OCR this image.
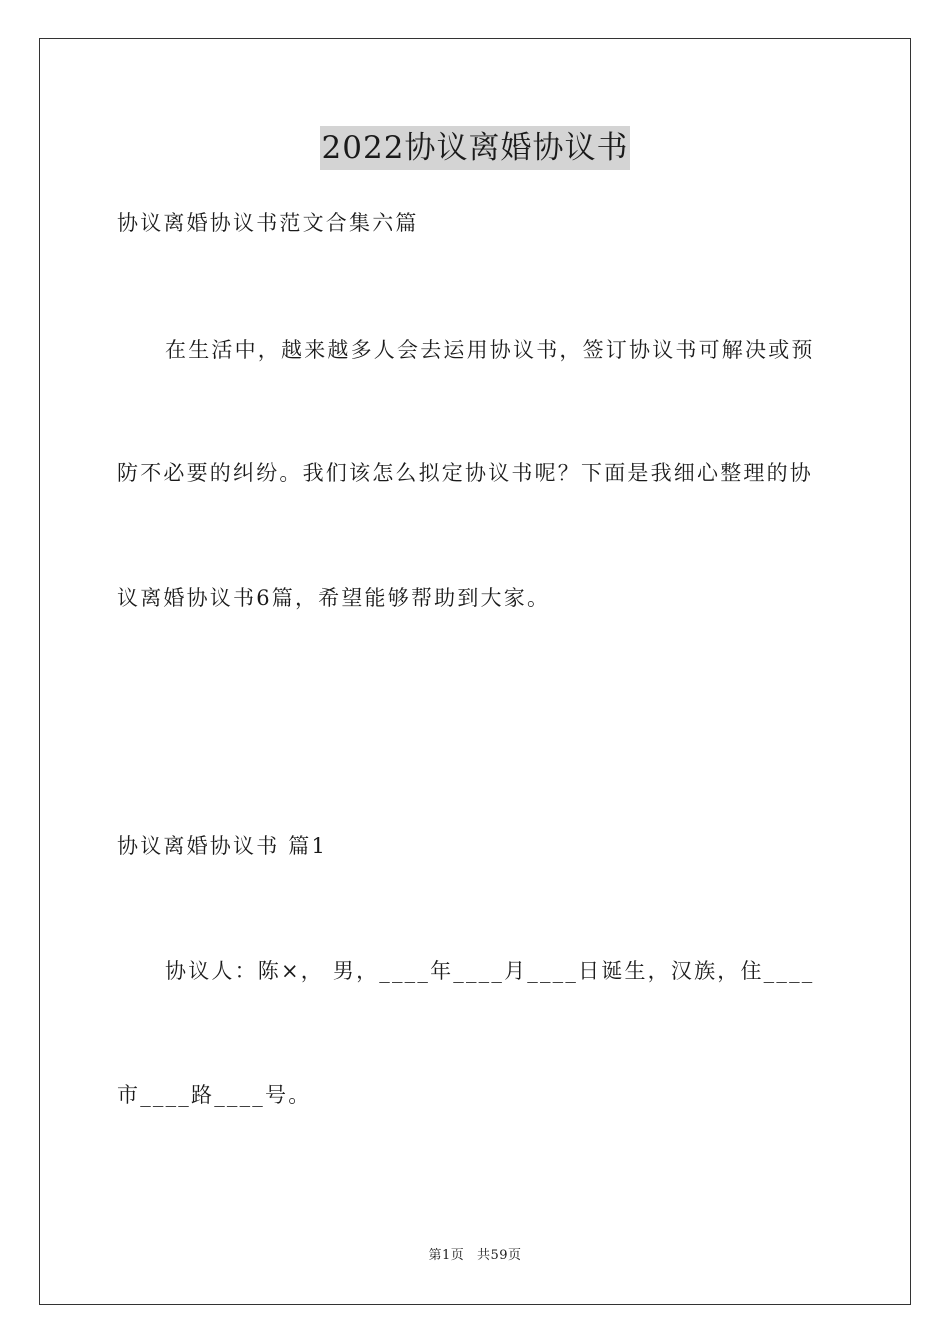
2022协议离婚协议书
协议离婚协议书范文合集六篇
在生活中，越来越多人会去运用协议书，签订协议书可解决或预
防不必要的纠纷。我们该怎么拟定协议书呢？下面是我细心整理的协
议离婚协议书6篇，希望能够帮助到大家。
协议离婚协议书 篇1
协议人：陈×， 男，____年____月____日诞生，汉族，住____
市____路____号。
第1页 共59页
